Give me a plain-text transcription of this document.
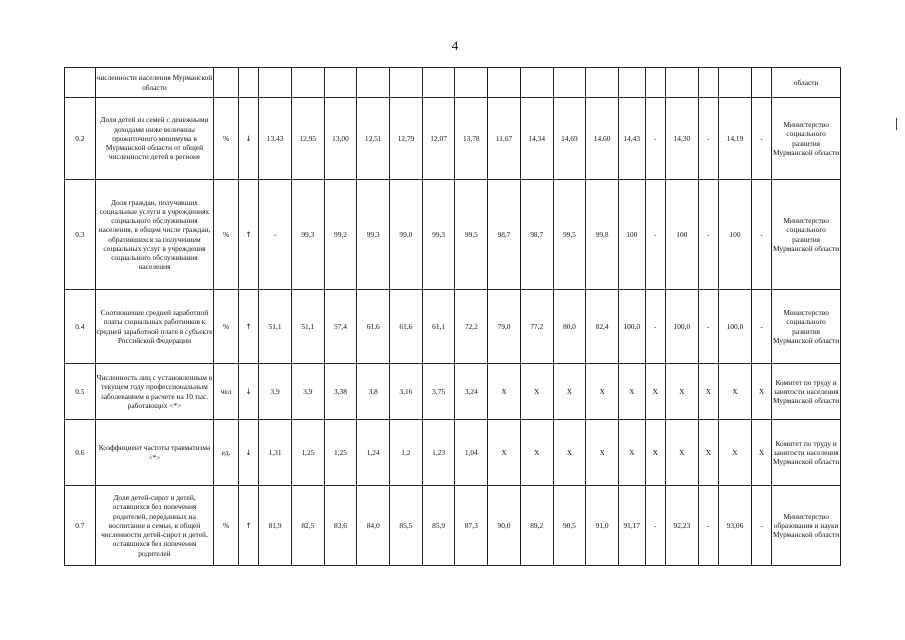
4
	численности населения Мурманской области																				области
0.2	Доля детей из семей с денежными доходами ниже величины прожиточного минимума в Мурманской области от общей численности детей в регионе	%	↓	13,43	12,95	13,00	12,51	12,79	12,07	13,78	11,67	14,34	14,69	14,60	14,43	-	14,30	-	14,19	-	Министерство социального развития Мурманской области
0.3	Доля граждан, получивших социальные услуги в учреждениях социального обслуживания населения, в общем числе граждан, обратившихся за получением социальных услуг в учреждения социального обслуживания населения	%	↑	-	99,3	99,2	99,3	99,0	99,3	99,5	98,7	98,7	99,5	99,8	100	-	100	-	100	-	Министерство социального развития Мурманской области
0.4	Соотношение средней заработной платы социальных работников к средней заработной плате в субъекте Российской Федерации	%	↑	51,1	51,1	57,4	61,6	61,6	61,1	72,2	79,0	77,2	80,0	82,4	100,0	-	100,0	-	100,0	-	Министерство социального развития Мурманской области
0.5	Численность лиц с установленным в текущем году профессиональным заболеванием в расчете на 10 тыс. работающих <*>	чел	↓	3,9	3,9	3,38	3,8	3,16	3,75	3,24	X	X	X	X	X	X	X	X	X	X	Комитет по труду и занятости населения Мурманской области
0.6	Коэффициент частоты травматизма <*>	ед.	↓	1,31	1,25	1,25	1,24	1,2	1,23	1,04	X	X	X	X	X	X	X	X	X	X	Комитет по труду и занятости населения Мурманской области
0.7	Доля детей-сирот и детей, оставшихся без попечения родителей, переданных на воспитание в семьи, в общей численности детей-сирот и детей, оставшихся без попечения родителей	%	↑	81,9	82,5	83,6	84,0	85,5	85,9	87,3	90,0	89,2	90,5	91,0	91,17	-	92,23	-	93,06	-	Министерство образования и науки Мурманской области
